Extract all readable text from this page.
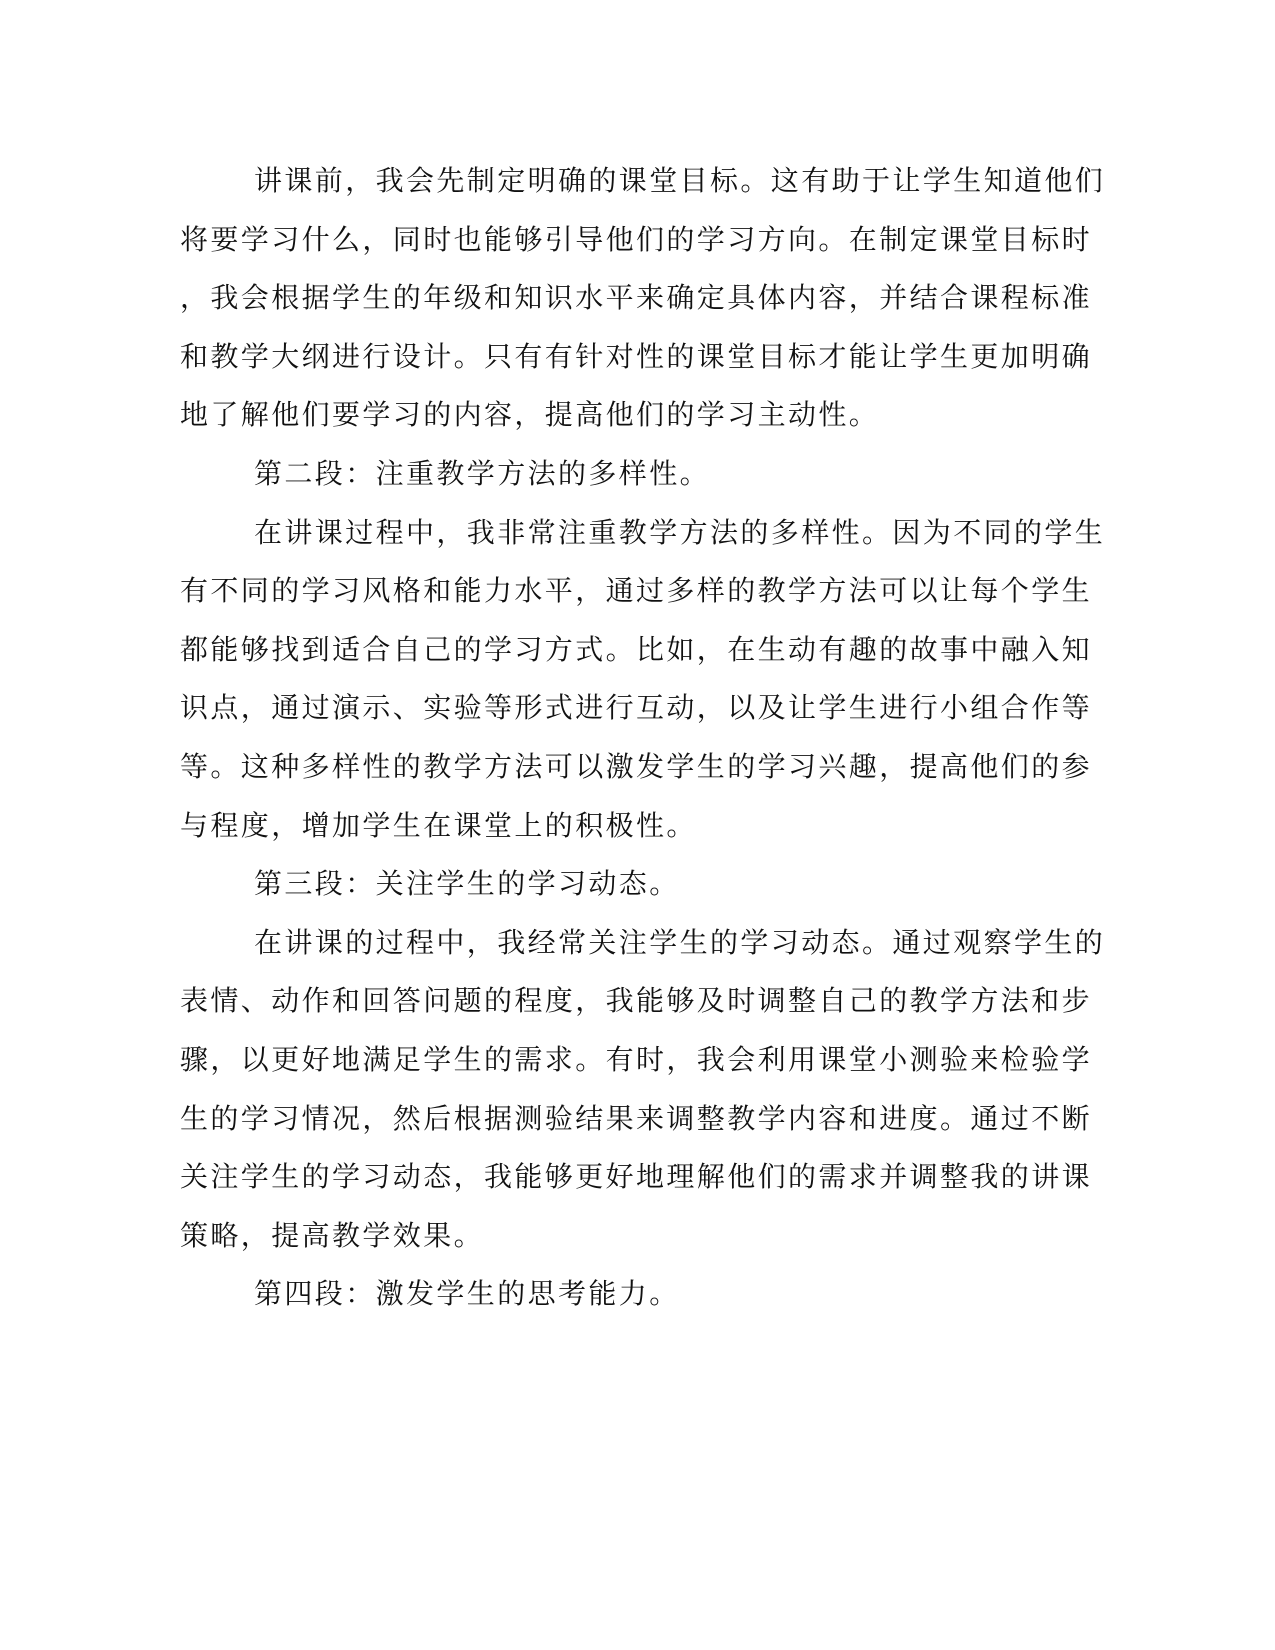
讲课前，我会先制定明确的课堂目标。这有助于让学生知道他们
将要学习什么，同时也能够引导他们的学习方向。在制定课堂目标时
，我会根据学生的年级和知识水平来确定具体内容，并结合课程标准
和教学大纲进行设计。只有有针对性的课堂目标才能让学生更加明确
地了解他们要学习的内容，提高他们的学习主动性。
第二段：注重教学方法的多样性。
在讲课过程中，我非常注重教学方法的多样性。因为不同的学生
有不同的学习风格和能力水平，通过多样的教学方法可以让每个学生
都能够找到适合自己的学习方式。比如，在生动有趣的故事中融入知
识点，通过演示、实验等形式进行互动，以及让学生进行小组合作等
等。这种多样性的教学方法可以激发学生的学习兴趣，提高他们的参
与程度，增加学生在课堂上的积极性。
第三段：关注学生的学习动态。
在讲课的过程中，我经常关注学生的学习动态。通过观察学生的
表情、动作和回答问题的程度，我能够及时调整自己的教学方法和步
骤，以更好地满足学生的需求。有时，我会利用课堂小测验来检验学
生的学习情况，然后根据测验结果来调整教学内容和进度。通过不断
关注学生的学习动态，我能够更好地理解他们的需求并调整我的讲课
策略，提高教学效果。
第四段：激发学生的思考能力。
